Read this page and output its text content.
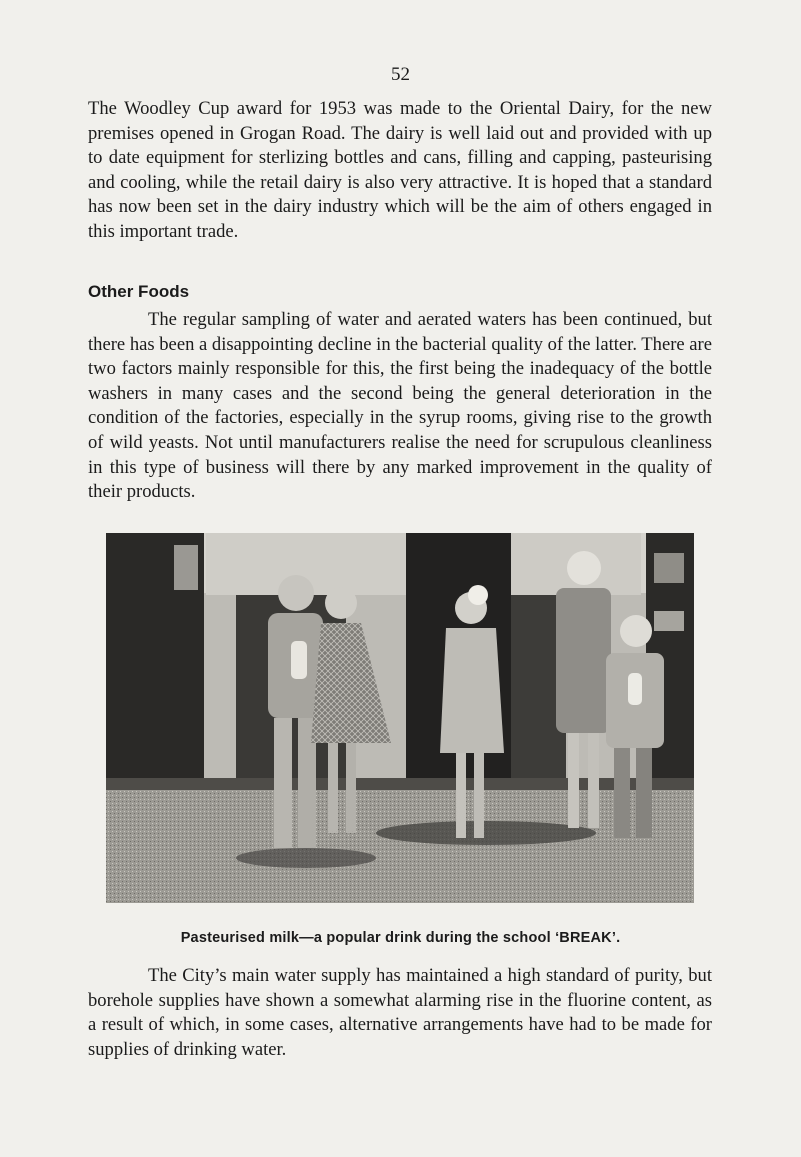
52

The Woodley Cup award for 1953 was made to the Oriental Dairy, for the new premises opened in Grogan Road. The dairy is well laid out and provided with up to date equipment for sterlizing bottles and cans, filling and capping, pasteurising and cooling, while the retail dairy is also very attractive. It is hoped that a standard has now been set in the dairy industry which will be the aim of others engaged in this important trade.

Other Foods

The regular sampling of water and aerated waters has been continued, but there has been a disappointing decline in the bacterial quality of the latter. There are two factors mainly responsible for this, the first being the inadequacy of the bottle washers in many cases and the second being the general deterioration in the condition of the factories, especially in the syrup rooms, giving rise to the growth of wild yeasts. Not until manufacturers realise the need for scrupulous cleanliness in this type of business will there by any marked improvement in the quality of their products.

Pasteurised milk—a popular drink during the school ‘BREAK’.

The City’s main water supply has maintained a high standard of purity, but borehole supplies have shown a somewhat alarming rise in the fluorine content, as a result of which, in some cases, alternative arrangements have had to be made for supplies of drinking water.
